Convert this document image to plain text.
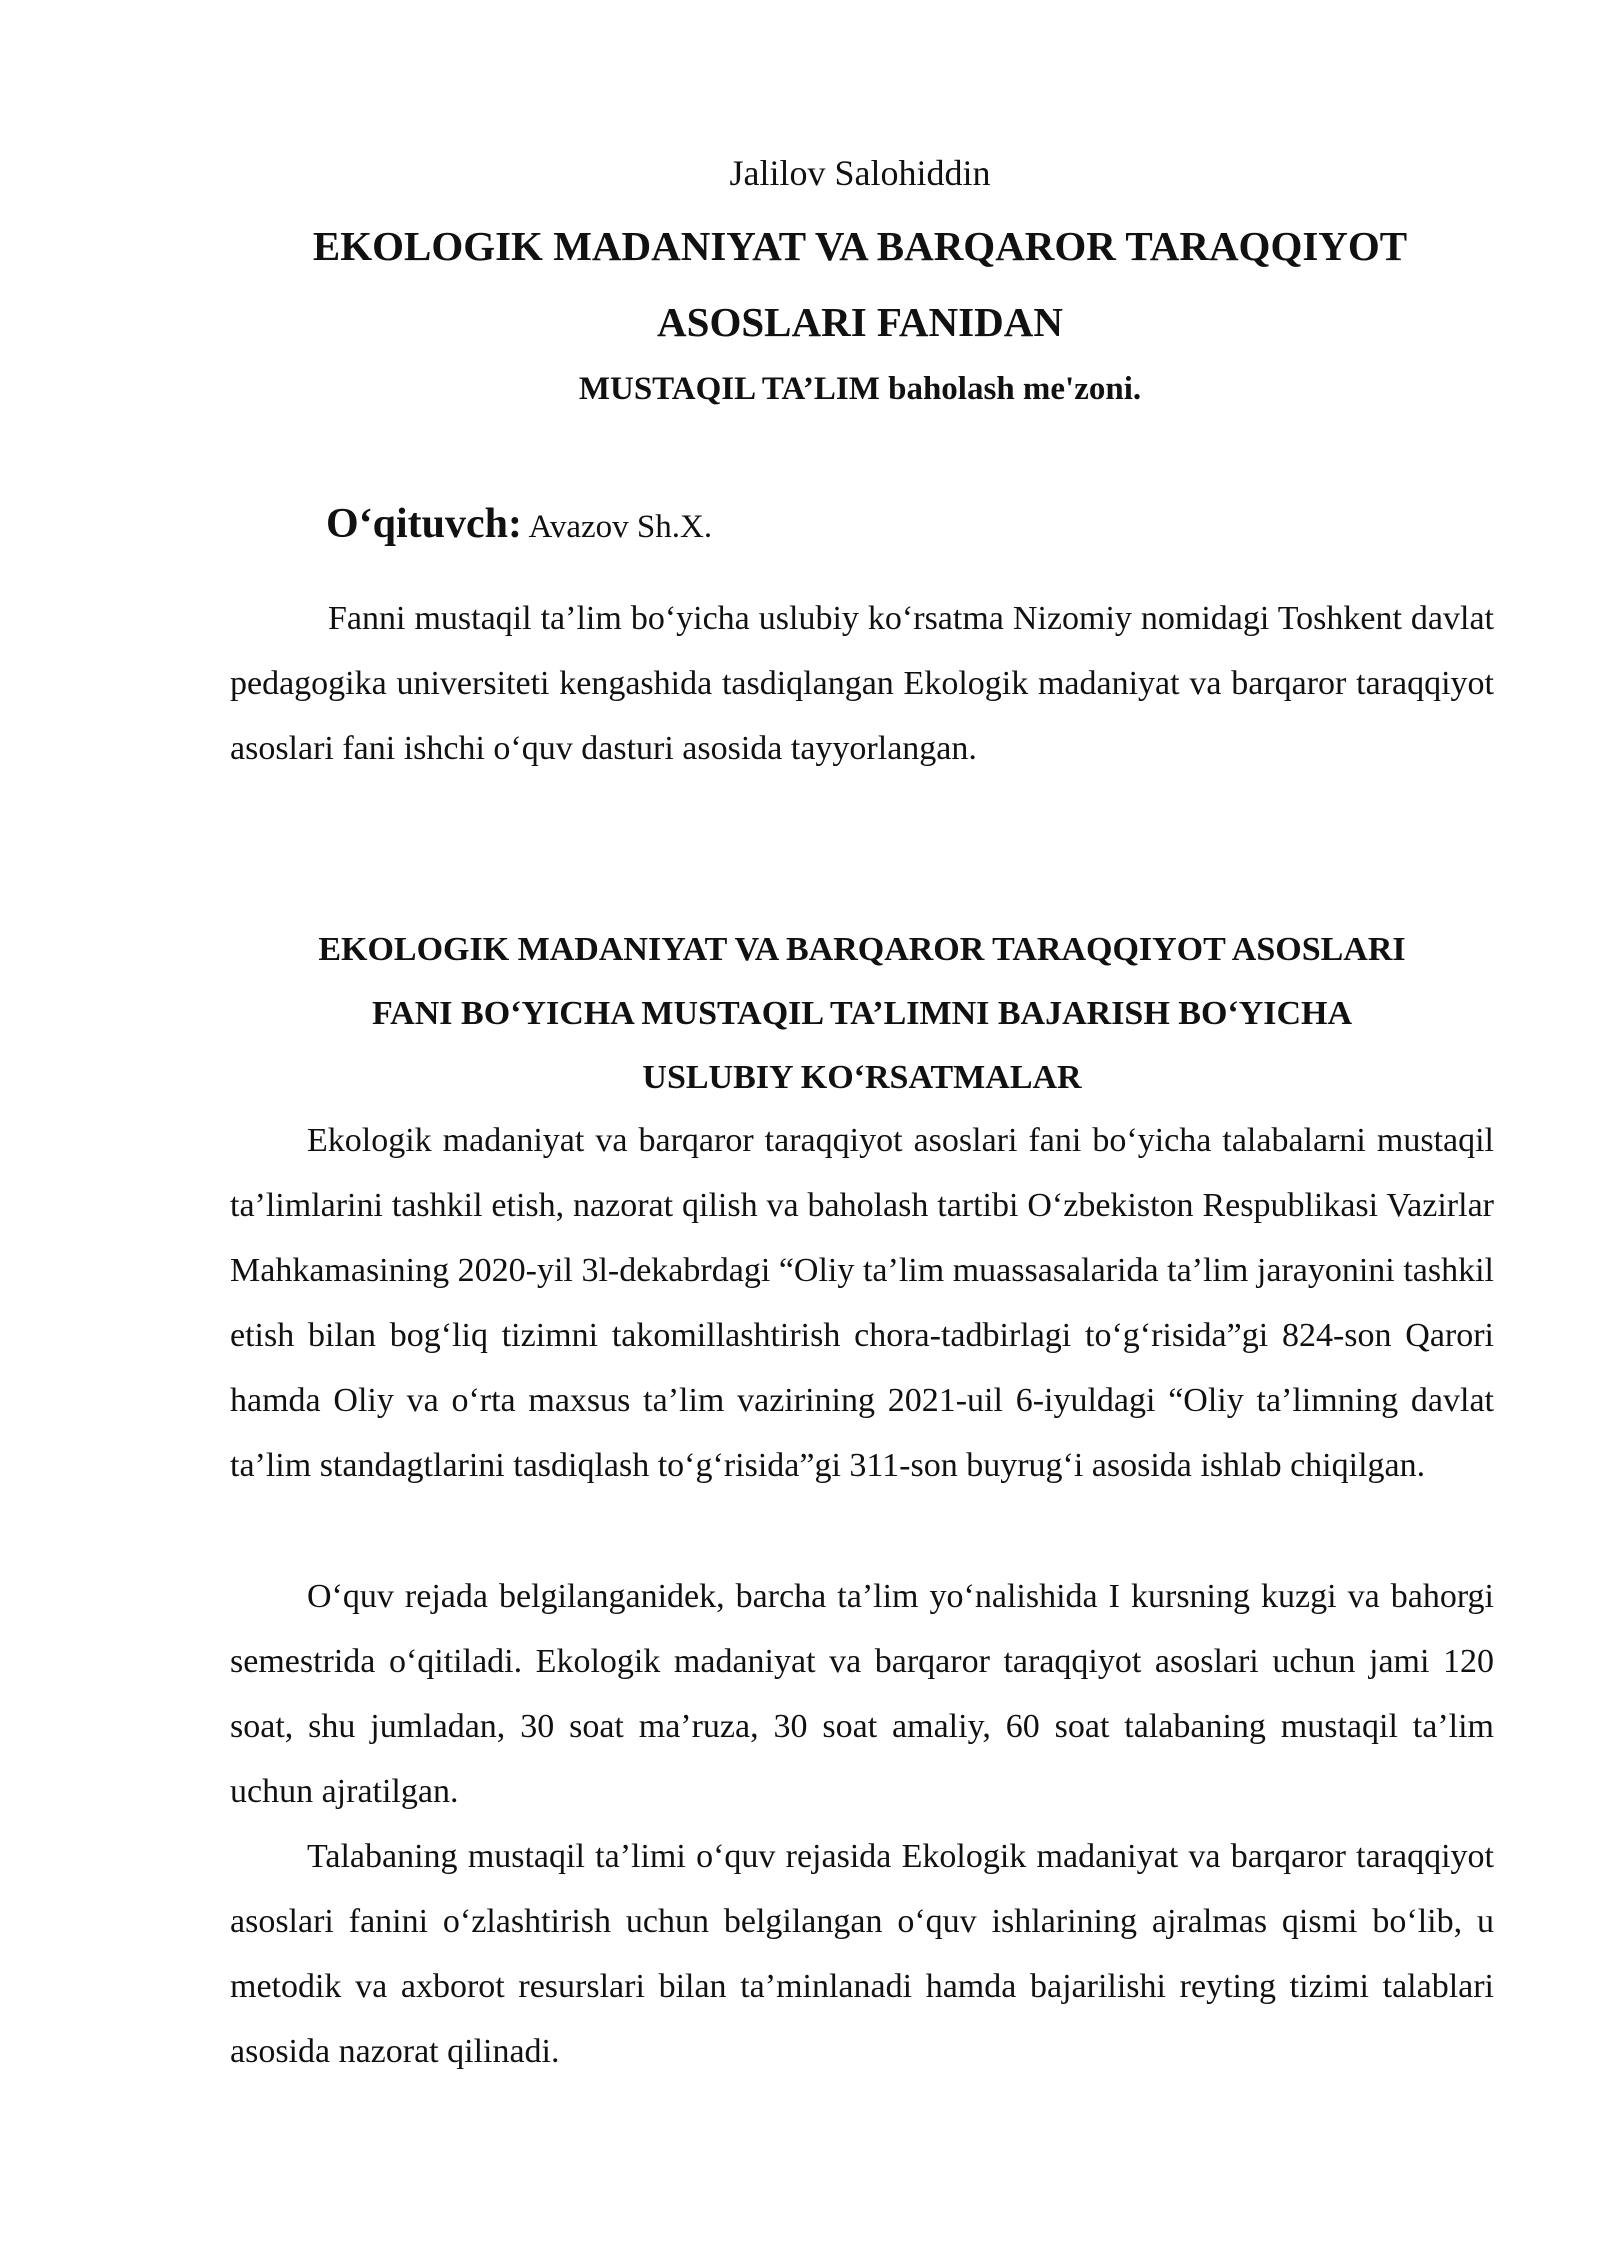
Jalilov Salohiddin
EKOLOGIK MADANIYAT VA BARQAROR TARAQQIYOT
ASOSLARI FANIDAN
MUSTAQIL TA’LIM baholash me'zoni.
O‘qituvch: Avazov Sh.X.

Fanni mustaqil ta’lim bo‘yicha uslubiy ko‘rsatma Nizomiy nomidagi Toshkent davlat pedagogika universiteti kengashida tasdiqlangan Ekologik madaniyat va barqaror taraqqiyot asoslari fani ishchi o‘quv dasturi asosida tayyorlangan.

EKOLOGIK MADANIYAT VA BARQAROR TARAQQIYOT ASOSLARI
FANI BO‘YICHA MUSTAQIL TA’LIMNI BAJARISH BO‘YICHA
USLUBIY KO‘RSATMALAR

Ekologik madaniyat va barqaror taraqqiyot asoslari fani bo‘yicha talabalarni mustaqil ta’limlarini tashkil etish, nazorat qilish va baholash tartibi O‘zbekiston Respublikasi Vazirlar Mahkamasining 2020-yil 3l-dekabrdagi “Oliy ta’lim muassasalarida ta’lim jarayonini tashkil etish bilan bog‘liq tizimni takomillashtirish chora-tadbirlagi to‘g‘risida”gi 824-son Qarori hamda Oliy va o‘rta maxsus ta’lim vazirining 2021-uil 6-iyuldagi “Oliy ta’limning davlat ta’lim standagtlarini tasdiqlash to‘g‘risida”gi 311-son buyrug‘i asosida ishlab chiqilgan.

O‘quv rejada belgilanganidek, barcha ta’lim yo‘nalishida I kursning kuzgi va bahorgi semestrida o‘qitiladi. Ekologik madaniyat va barqaror taraqqiyot asoslari uchun jami 120 soat, shu jumladan, 30 soat ma’ruza, 30 soat amaliy, 60 soat talabaning mustaqil ta’lim uchun ajratilgan.

Talabaning mustaqil ta’limi o‘quv rejasida Ekologik madaniyat va barqaror taraqqiyot asoslari fanini o‘zlashtirish uchun belgilangan o‘quv ishlarining ajralmas qismi bo‘lib, u metodik va axborot resurslari bilan ta’minlanadi hamda bajarilishi reyting tizimi talablari asosida nazorat qilinadi.
